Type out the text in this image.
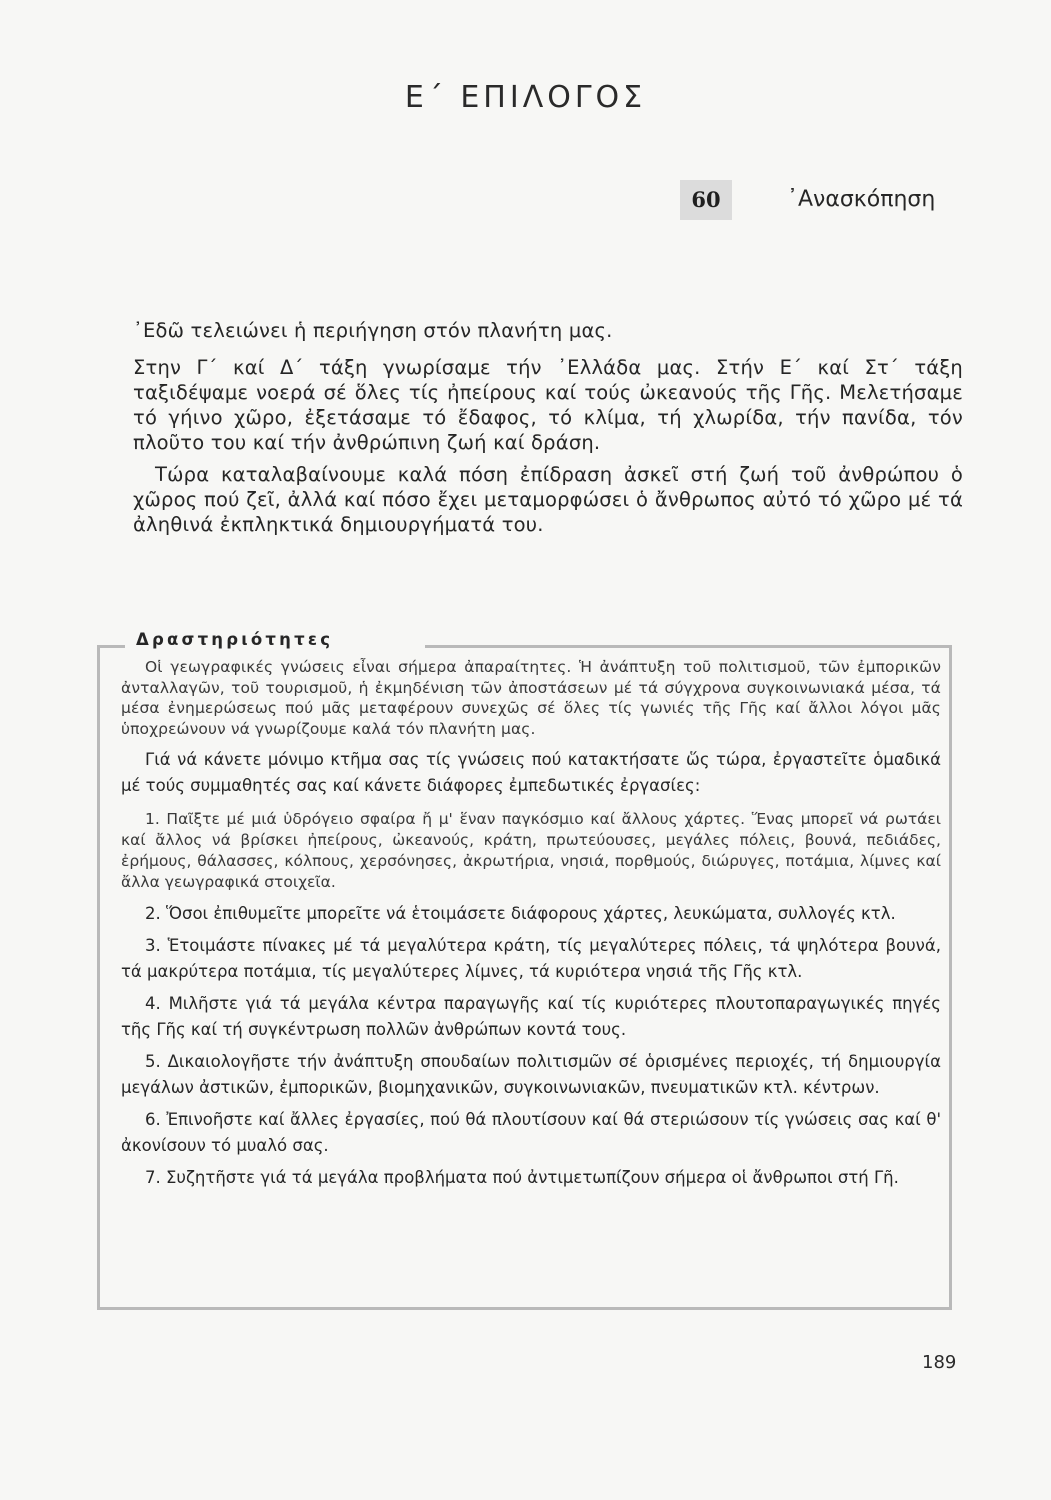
Ε΄ ΕΠΙΛΟΓΟΣ
60	᾿Ανασκόπηση

᾿Εδῶ τελειώνει ἡ περιήγηση στόν πλανήτη μας.

Στην Γ΄ καί Δ΄ τάξη γνωρίσαμε τήν ᾿Ελλάδα μας. Στήν Ε΄ καί Στ΄ τάξη ταξιδέψαμε νοερά σέ ὅλες τίς ἠπείρους καί τούς ὠκεανούς τῆς Γῆς. Μελετήσαμε τό γήινο χῶρο, ἐξετάσαμε τό ἔδαφος, τό κλίμα, τή χλωρίδα, τήν πανίδα, τόν πλοῦτο του καί τήν ἀνθρώπινη ζωή καί δράση.

Τώρα καταλαβαίνουμε καλά πόση ἐπίδραση ἀσκεῖ στή ζωή τοῦ ἀνθρώπου ὁ χῶρος πού ζεῖ, ἀλλά καί πόσο ἔχει μεταμορφώσει ὁ ἄνθρωπος αὐτό τό χῶρο μέ τά ἀληθινά ἐκπληκτικά δημιουργήματά του.

Δραστηριότητες

Οἱ γεωγραφικές γνώσεις εἶναι σήμερα ἀπαραίτητες. Ἡ ἀνάπτυξη τοῦ πολιτισμοῦ, τῶν ἐμπορικῶν ἀνταλλαγῶν, τοῦ τουρισμοῦ, ἡ ἐκμηδένιση τῶν ἀποστάσεων μέ τά σύγχρονα συγκοινωνιακά μέσα, τά μέσα ἐνημερώσεως πού μᾶς μεταφέρουν συνεχῶς σέ ὅλες τίς γωνιές τῆς Γῆς καί ἄλλοι λόγοι μᾶς ὑποχρεώνουν νά γνωρίζουμε καλά τόν πλανήτη μας.

Γιά νά κάνετε μόνιμο κτῆμα σας τίς γνώσεις πού κατακτήσατε ὥς τώρα, ἐργαστεῖτε ὁμαδικά μέ τούς συμμαθητές σας καί κάνετε διάφορες ἐμπεδωτικές ἐργασίες:

1. Παῖξτε μέ μιά ὑδρόγειο σφαίρα ἤ μ' ἕναν παγκόσμιο καί ἄλλους χάρτες. Ἕνας μπορεῖ νά ρωτάει καί ἄλλος νά βρίσκει ἠπείρους, ὠκεανούς, κράτη, πρωτεύουσες, μεγάλες πόλεις, βουνά, πεδιάδες, ἐρήμους, θάλασσες, κόλπους, χερσόνησες, ἀκρωτήρια, νησιά, πορθμούς, διώρυγες, ποτάμια, λίμνες καί ἄλλα γεωγραφικά στοιχεῖα.

2. Ὅσοι ἐπιθυμεῖτε μπορεῖτε νά ἑτοιμάσετε διάφορους χάρτες, λευκώματα, συλλογές κτλ.

3. Ἑτοιμάστε πίνακες μέ τά μεγαλύτερα κράτη, τίς μεγαλύτερες πόλεις, τά ψηλότερα βουνά, τά μακρύτερα ποτάμια, τίς μεγαλύτερες λίμνες, τά κυριότερα νησιά τῆς Γῆς κτλ.

4. Μιλῆστε γιά τά μεγάλα κέντρα παραγωγῆς καί τίς κυριότερες πλουτοπαραγωγικές πηγές τῆς Γῆς καί τή συγκέντρωση πολλῶν ἀνθρώπων κοντά τους.

5. Δικαιολογῆστε τήν ἀνάπτυξη σπουδαίων πολιτισμῶν σέ ὁρισμένες περιοχές, τή δημιουργία μεγάλων ἀστικῶν, ἐμπορικῶν, βιομηχανικῶν, συγκοινωνιακῶν, πνευματικῶν κτλ. κέντρων.

6. Ἐπινοῆστε καί ἄλλες ἐργασίες, πού θά πλουτίσουν καί θά στεριώσουν τίς γνώσεις σας καί θ' ἀκονίσουν τό μυαλό σας.

7. Συζητῆστε γιά τά μεγάλα προβλήματα πού ἀντιμετωπίζουν σήμερα οἱ ἄνθρωποι στή Γῆ.

189
